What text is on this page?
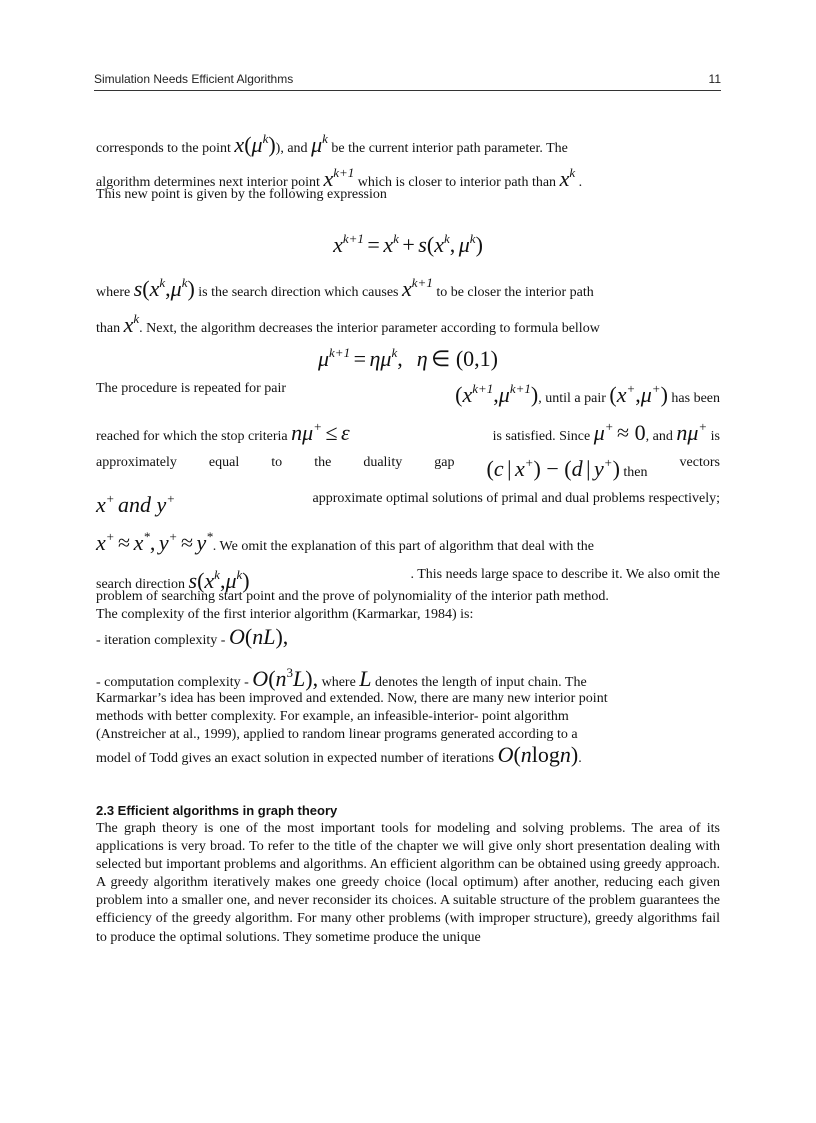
Simulation Needs Efficient Algorithms	11
corresponds to the point $x(\mu^k)$), and $\mu^k$ be the current interior path parameter. The
algorithm determines next interior point $x^{k+1}$ which is closer to interior path than $x^k$ .
This new point is given by the following expression
$x^{k+1} = x^k + s(x^k$, $\mu^k$)
where $s(x^k,\mu^k)$ is the search direction which causes $x^{k+1}$ to be closer the interior path
than $x^k$. Next, the algorithm decreases the interior parameter according to formula bellow
$\mu^{k+1} = \eta\mu^k$, η ∈ (0,1)
The procedure is repeated for pair	$(x^{k+1},\mu^{k+1})$, until a pair (x+,μ+) has been
reached for which the stop criteria nμ+ ≤ ε	is satisfied. Since μ+ ≈ 0, and nμ+ is
approximately equal to the duality gap (c | x+) − (d | y+) then
vectors
x+ and y+	approximate optimal solutions of primal and dual problems respectively;
x+ ≈ x*, y+ ≈ y*. We omit the explanation of this part of algorithm that deal with the
search direction $s(x^k,\mu^k)$	. This needs large space to describe it. We also omit the
problem of searching start point and the prove of polynomiality of the interior path method.
The complexity of the first interior algorithm (Karmarkar, 1984) is:
- iteration complexity - O(nL),
- computation complexity - $O(n^3L)$, where L denotes the length of input chain. The
Karmarkar’s idea has been improved and extended. Now, there are many new interior point
methods with better complexity. For example, an infeasible-interior- point algorithm
(Anstreicher at al., 1999), applied to random linear programs generated according to a
model of Todd gives an exact solution in expected number of iterations O(nlogn).
2.3 Efficient algorithms in graph theory
The graph theory is one of the most important tools for modeling and solving problems. The area of its applications is very broad. To refer to the title of the chapter we will give only short presentation dealing with selected but important problems and algorithms. An efficient algorithm can be obtained using greedy approach. A greedy algorithm iteratively makes one greedy choice (local optimum) after another, reducing each given problem into a smaller one, and never reconsider its choices. A suitable structure of the problem guarantees the efficiency of the greedy algorithm. For many other problems (with improper structure), greedy algorithms fail to produce the optimal solutions. They sometime produce the unique
